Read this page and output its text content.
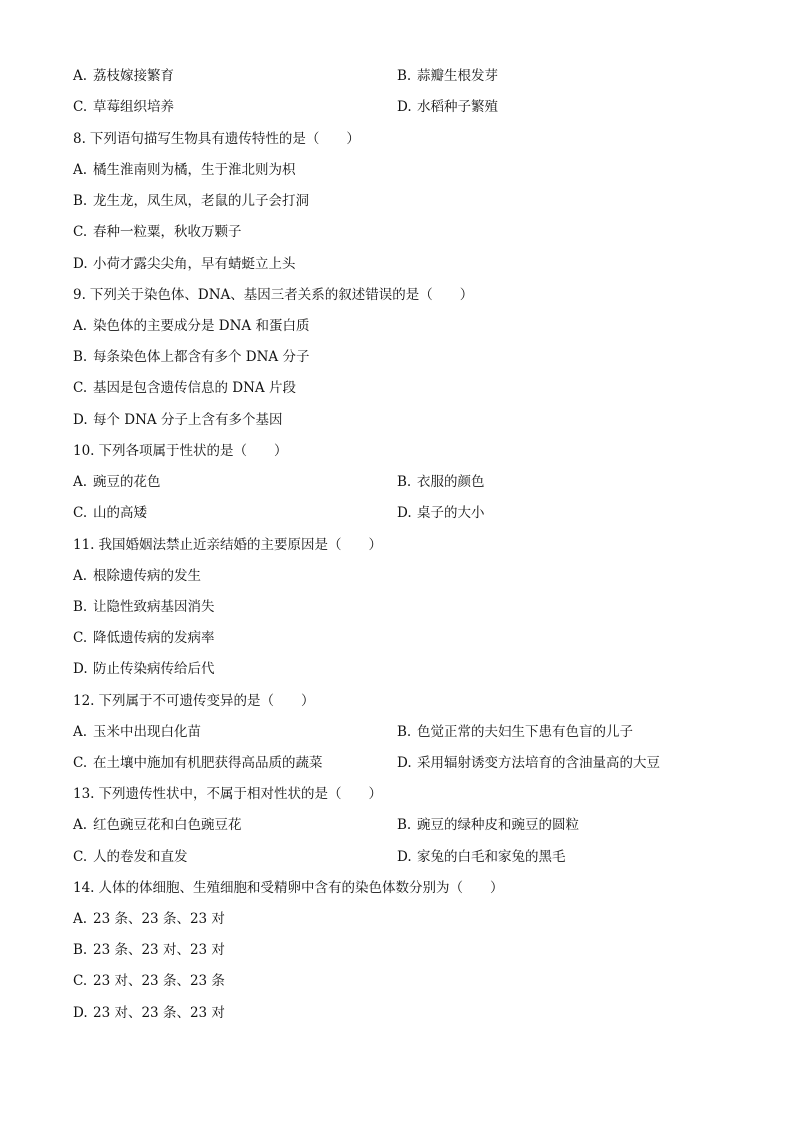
A. 荔枝嫁接繁育	B. 蒜瓣生根发芽
C. 草莓组织培养	D. 水稻种子繁殖
8. 下列语句描写生物具有遗传特性的是（　　）
A. 橘生淮南则为橘，生于淮北则为枳
B. 龙生龙，凤生凤，老鼠的儿子会打洞
C. 春种一粒粟，秋收万颗子
D. 小荷才露尖尖角，早有蜻蜓立上头
9. 下列关于染色体、DNA、基因三者关系的叙述错误的是（　　）
A. 染色体的主要成分是 DNA 和蛋白质
B. 每条染色体上都含有多个 DNA 分子
C. 基因是包含遗传信息的 DNA 片段
D. 每个 DNA 分子上含有多个基因
10. 下列各项属于性状的是（　　）
A. 豌豆的花色	B. 衣服的颜色
C. 山的高矮	D. 桌子的大小
11. 我国婚姻法禁止近亲结婚的主要原因是（　　）
A. 根除遗传病的发生
B. 让隐性致病基因消失
C. 降低遗传病的发病率
D. 防止传染病传给后代
12. 下列属于不可遗传变异的是（　　）
A. 玉米中出现白化苗	B. 色觉正常的夫妇生下患有色盲的儿子
C. 在土壤中施加有机肥获得高品质的蔬菜	D. 采用辐射诱变方法培育的含油量高的大豆
13. 下列遗传性状中，不属于相对性状的是（　　）
A. 红色豌豆花和白色豌豆花	B. 豌豆的绿种皮和豌豆的圆粒
C. 人的卷发和直发	D. 家兔的白毛和家兔的黑毛
14. 人体的体细胞、生殖细胞和受精卵中含有的染色体数分别为（　　）
A. 23 条、23 条、23 对
B. 23 条、23 对、23 对
C. 23 对、23 条、23 条
D. 23 对、23 条、23 对
